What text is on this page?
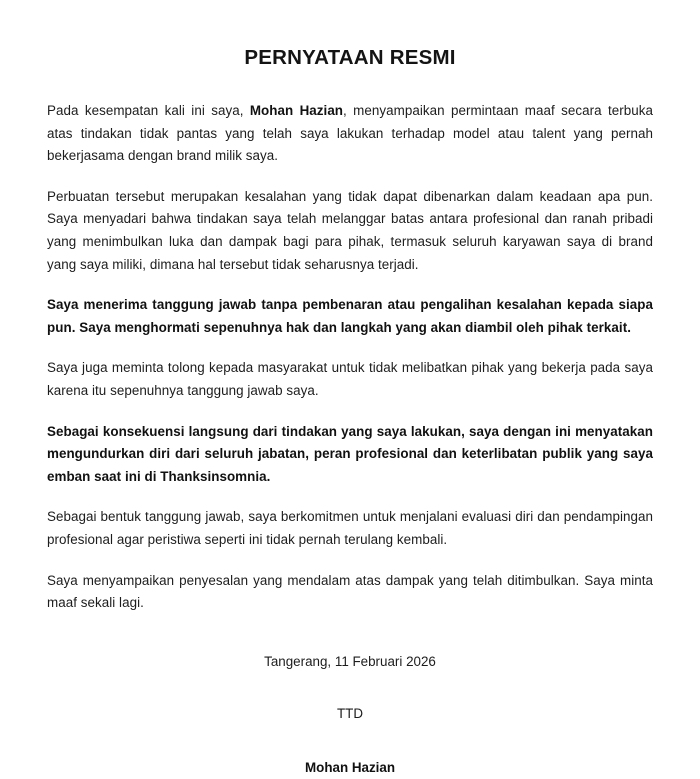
PERNYATAAN RESMI

Pada kesempatan kali ini saya, Mohan Hazian, menyampaikan permintaan maaf secara terbuka atas tindakan tidak pantas yang telah saya lakukan terhadap model atau talent yang pernah bekerjasama dengan brand milik saya.

Perbuatan tersebut merupakan kesalahan yang tidak dapat dibenarkan dalam keadaan apa pun. Saya menyadari bahwa tindakan saya telah melanggar batas antara profesional dan ranah pribadi yang menimbulkan luka dan dampak bagi para pihak, termasuk seluruh karyawan saya di brand yang saya miliki, dimana hal tersebut tidak seharusnya terjadi.

Saya menerima tanggung jawab tanpa pembenaran atau pengalihan kesalahan kepada siapa pun. Saya menghormati sepenuhnya hak dan langkah yang akan diambil oleh pihak terkait.

Saya juga meminta tolong kepada masyarakat untuk tidak melibatkan pihak yang bekerja pada saya karena itu sepenuhnya tanggung jawab saya.

Sebagai konsekuensi langsung dari tindakan yang saya lakukan, saya dengan ini menyatakan mengundurkan diri dari seluruh jabatan, peran profesional dan keterlibatan publik yang saya emban saat ini di Thanksinsomnia.

Sebagai bentuk tanggung jawab, saya berkomitmen untuk menjalani evaluasi diri dan pendampingan profesional agar peristiwa seperti ini tidak pernah terulang kembali.

Saya menyampaikan penyesalan yang mendalam atas dampak yang telah ditimbulkan. Saya minta maaf sekali lagi.

Tangerang, 11 Februari 2026

TTD

Mohan Hazian
